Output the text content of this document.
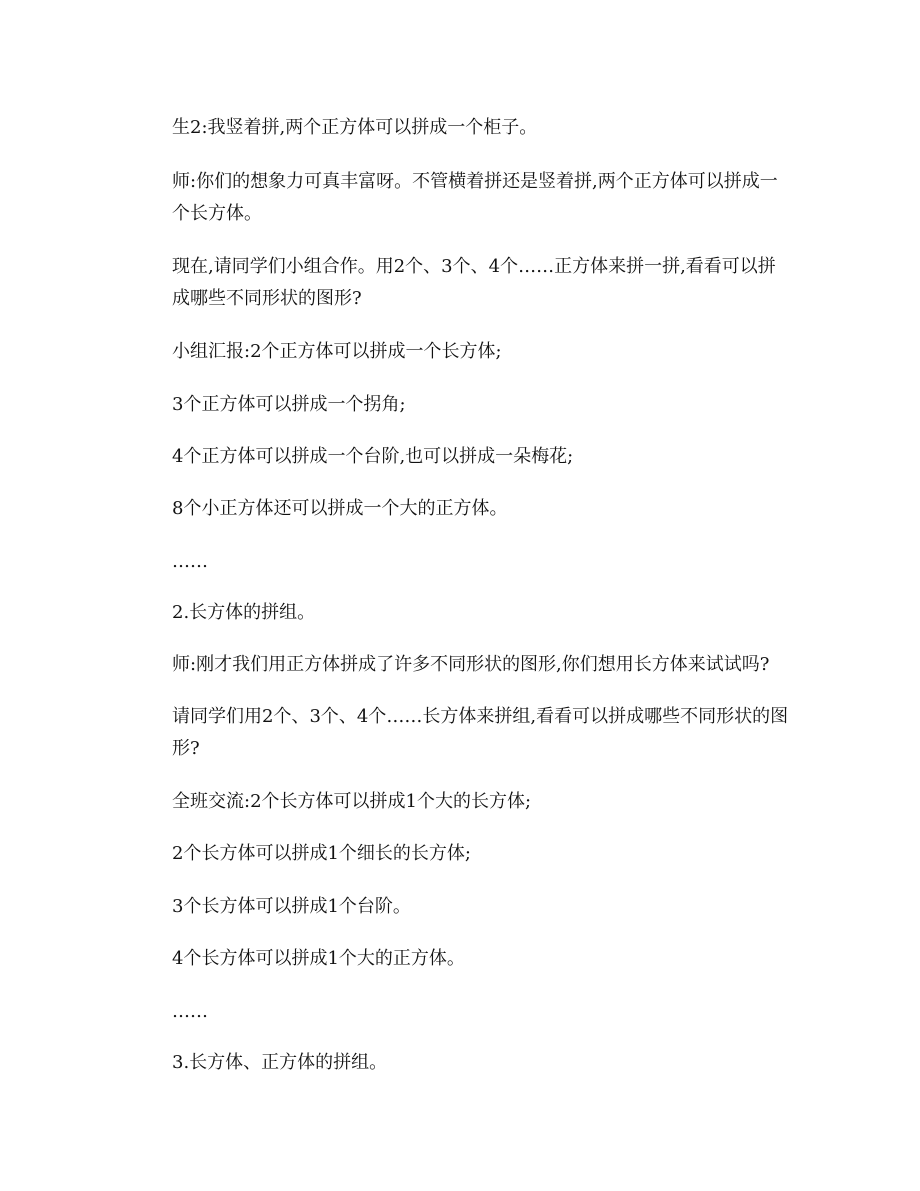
生2:我竖着拼,两个正方体可以拼成一个柜子。

师:你们的想象力可真丰富呀。不管横着拼还是竖着拼,两个正方体可以拼成一个长方体。

现在,请同学们小组合作。用2个、3个、4个……正方体来拼一拼,看看可以拼成哪些不同形状的图形?

小组汇报:2个正方体可以拼成一个长方体;

3个正方体可以拼成一个拐角;

4个正方体可以拼成一个台阶,也可以拼成一朵梅花;

8个小正方体还可以拼成一个大的正方体。

……

2.长方体的拼组。

师:刚才我们用正方体拼成了许多不同形状的图形,你们想用长方体来试试吗?

请同学们用2个、3个、4个……长方体来拼组,看看可以拼成哪些不同形状的图形?

全班交流:2个长方体可以拼成1个大的长方体;

2个长方体可以拼成1个细长的长方体;

3个长方体可以拼成1个台阶。

4个长方体可以拼成1个大的正方体。

……

3.长方体、正方体的拼组。
